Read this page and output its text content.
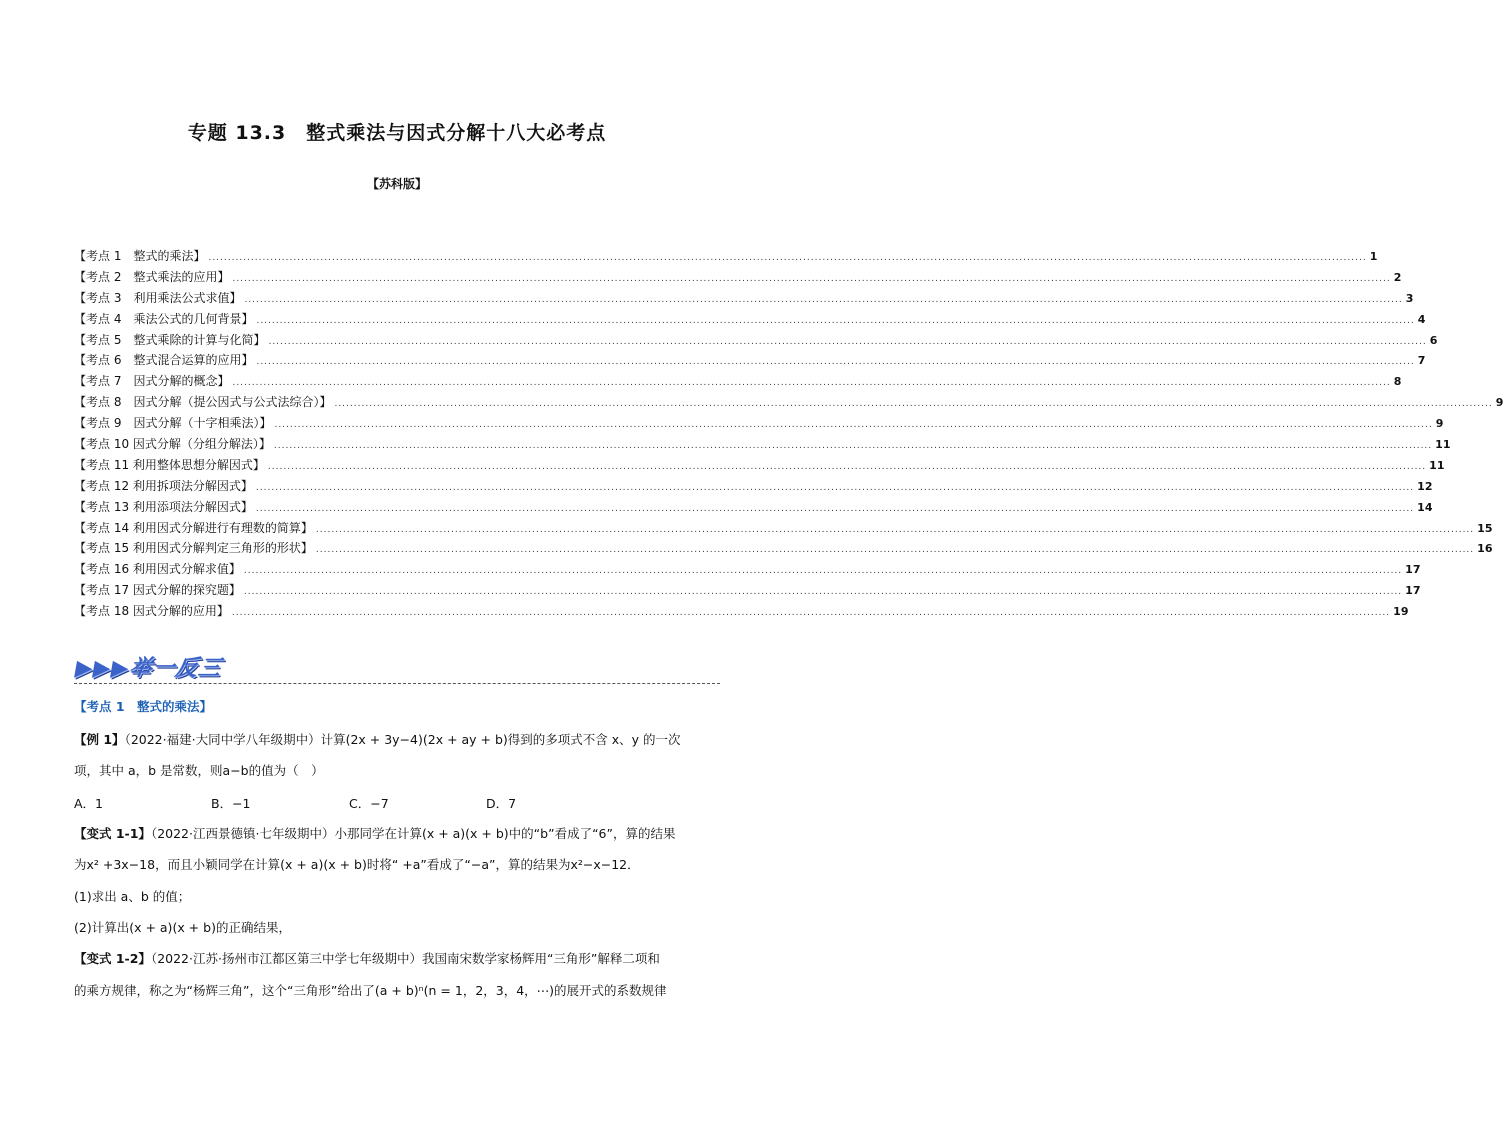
专题 13.3　整式乘法与因式分解十八大必考点
【苏科版】
【考点 1　整式的乘法】 ............................................................................................................................................................................................................................................................................................................ 1
【考点 2　整式乘法的应用】 ............................................................................................................................................................................................................................................................................................................ 2
【考点 3　利用乘法公式求值】 ............................................................................................................................................................................................................................................................................................................ 3
【考点 4　乘法公式的几何背景】 ............................................................................................................................................................................................................................................................................................................ 4
【考点 5　整式乘除的计算与化简】 ............................................................................................................................................................................................................................................................................................................ 6
【考点 6　整式混合运算的应用】 ............................................................................................................................................................................................................................................................................................................ 7
【考点 7　因式分解的概念】 ............................................................................................................................................................................................................................................................................................................ 8
【考点 8　因式分解（提公因式与公式法综合）】 ............................................................................................................................................................................................................................................................................................................ 9
【考点 9　因式分解（十字相乘法）】 ............................................................................................................................................................................................................................................................................................................ 9
【考点 10 因式分解（分组分解法）】 ............................................................................................................................................................................................................................................................................................................ 11
【考点 11 利用整体思想分解因式】 ............................................................................................................................................................................................................................................................................................................ 11
【考点 12 利用拆项法分解因式】 ............................................................................................................................................................................................................................................................................................................ 12
【考点 13 利用添项法分解因式】 ............................................................................................................................................................................................................................................................................................................ 14
【考点 14 利用因式分解进行有理数的简算】 ............................................................................................................................................................................................................................................................................................................ 15
【考点 15 利用因式分解判定三角形的形状】 ............................................................................................................................................................................................................................................................................................................ 16
【考点 16 利用因式分解求值】 ............................................................................................................................................................................................................................................................................................................ 17
【考点 17 因式分解的探究题】 ............................................................................................................................................................................................................................................................................................................ 17
【考点 18 因式分解的应用】 ............................................................................................................................................................................................................................................................................................................ 19
▶▶▶举一反三
【考点 1　整式的乘法】
【例 1】（2022·福建·大同中学八年级期中）计算(2x + 3y−4)(2x + ay + b)得到的多项式不含 x、y 的一次
项，其中 a，b 是常数，则a−b的值为（　）
A．1	B．−1	C．−7	D．7
【变式 1-1】（2022·江西景德镇·七年级期中）小那同学在计算(x + a)(x + b)中的“b”看成了“6”，算的结果
为x² +3x−18，而且小颖同学在计算(x + a)(x + b)时将“ +a”看成了“−a”，算的结果为x²−x−12．
(1)求出 a、b 的值；
(2)计算出(x + a)(x + b)的正确结果，
【变式 1-2】（2022·江苏·扬州市江都区第三中学七年级期中）我国南宋数学家杨辉用“三角形”解释二项和
的乘方规律，称之为“杨辉三角”，这个“三角形”给出了(a + b)ⁿ(n = 1，2，3，4，⋯)的展开式的系数规律
